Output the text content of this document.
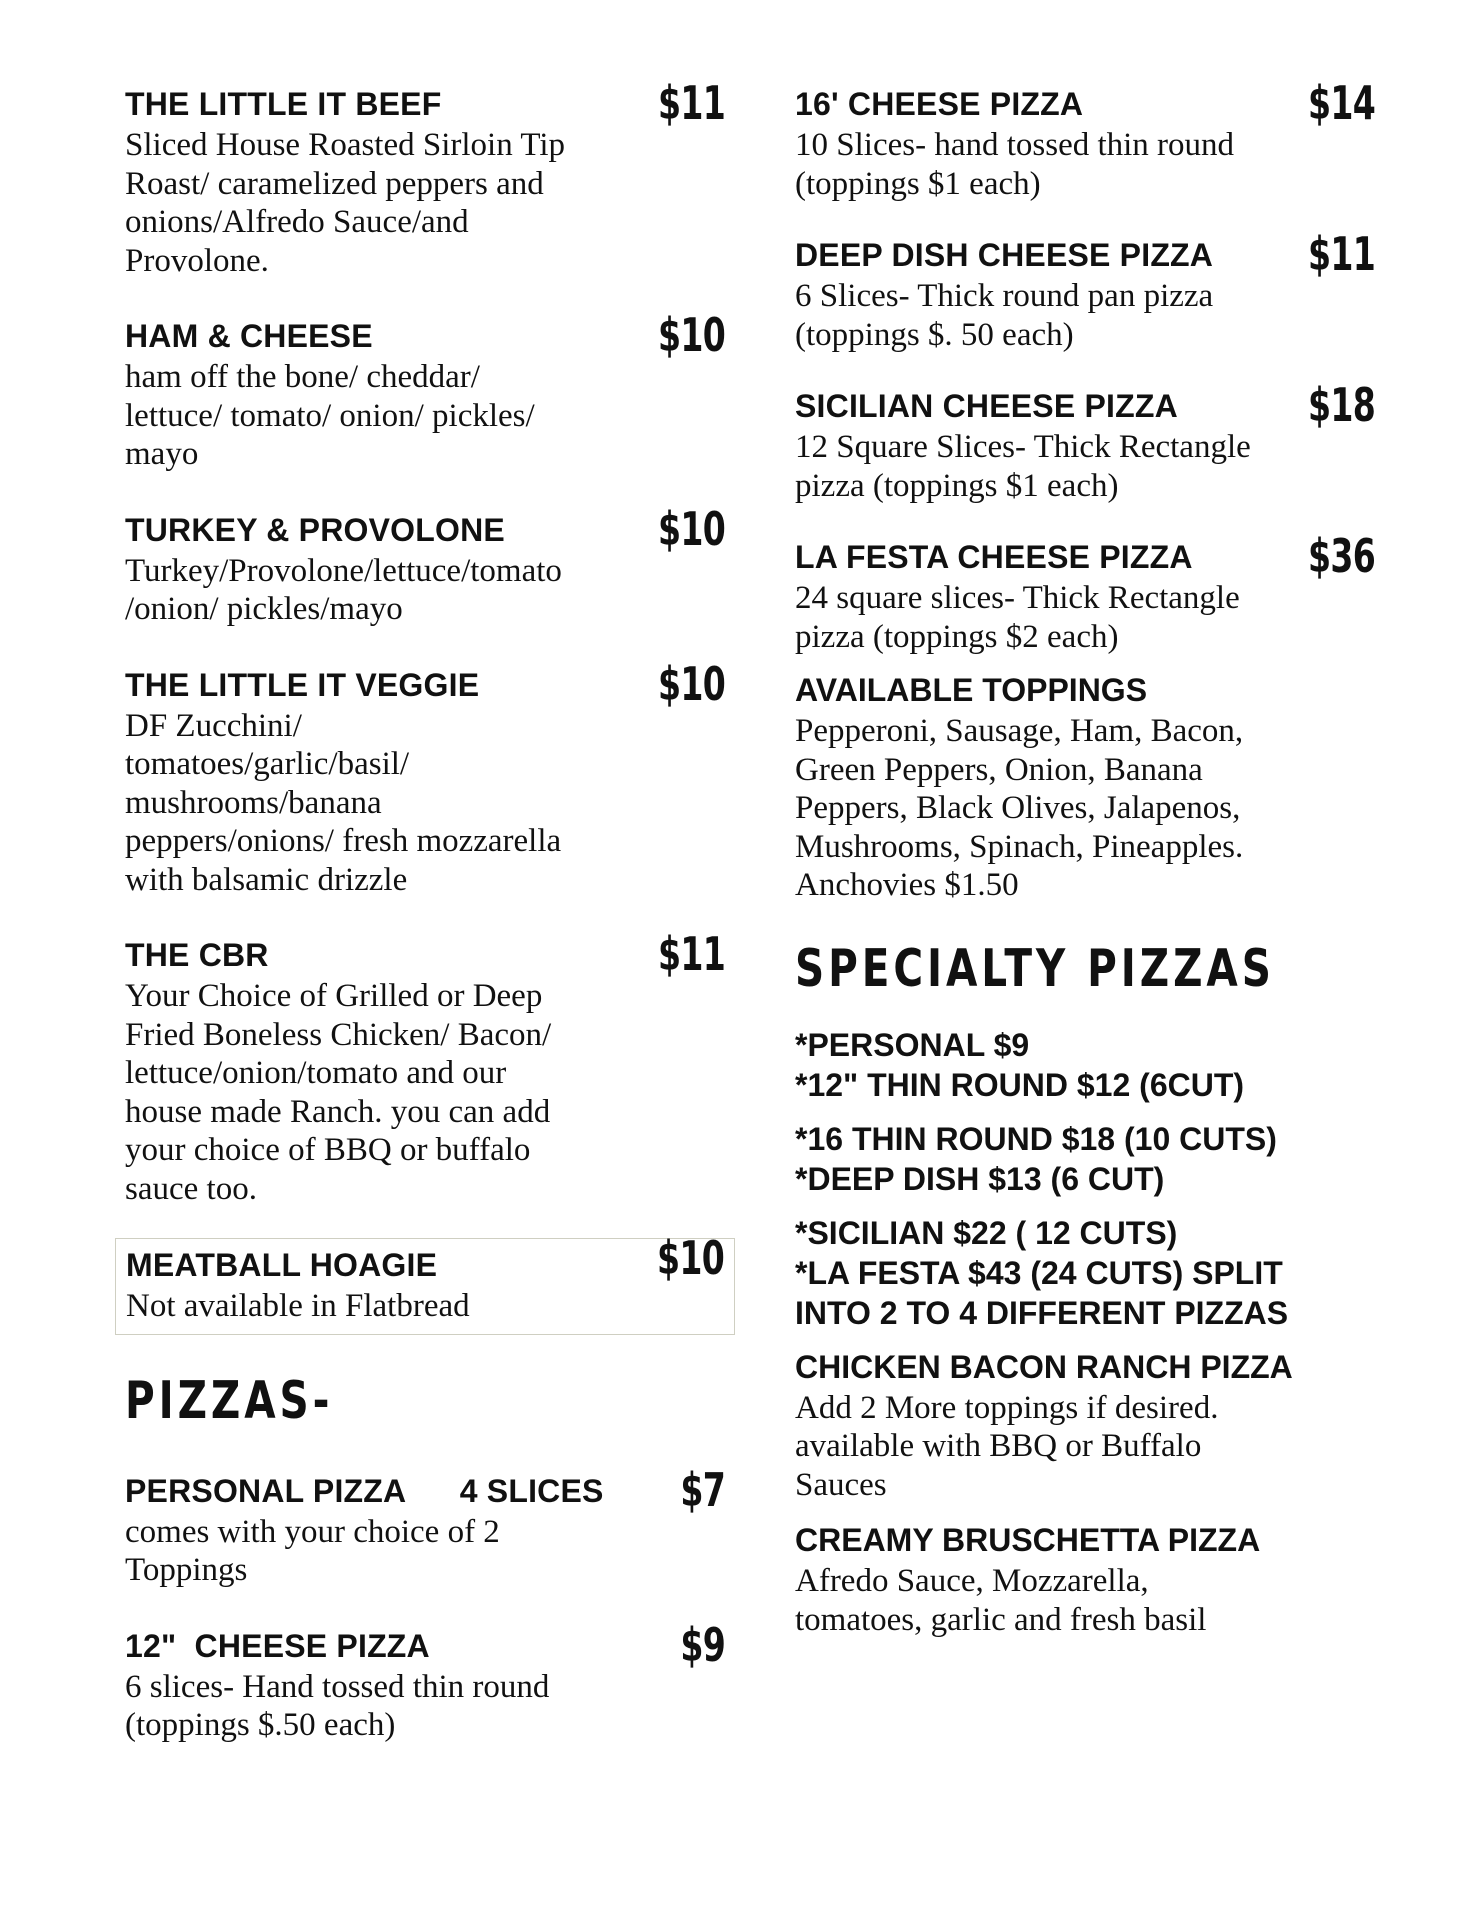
THE LITTLE IT BEEF	$11
Sliced House Roasted Sirloin Tip
Roast/ caramelized peppers and
onions/Alfredo Sauce/and
Provolone.
HAM & CHEESE	$10
ham off the bone/ cheddar/
lettuce/ tomato/ onion/ pickles/
mayo
TURKEY & PROVOLONE	$10
Turkey/Provolone/lettuce/tomato
/onion/ pickles/mayo
THE LITTLE IT VEGGIE	$10
DF Zucchini/
tomatoes/garlic/basil/
mushrooms/banana
peppers/onions/ fresh mozzarella
with balsamic drizzle
THE CBR	$11
Your Choice of Grilled or Deep
Fried Boneless Chicken/ Bacon/
lettuce/onion/tomato and our
house made Ranch. you can add
your choice of BBQ or buffalo
sauce too.
MEATBALL HOAGIE	$10
Not available in Flatbread
PIZZAS-
PERSONAL PIZZA      4 SLICES	$7
comes with your choice of 2
Toppings
12"  CHEESE PIZZA	$9
6 slices- Hand tossed thin round
(toppings $.50 each)
16' CHEESE PIZZA	$14
10 Slices- hand tossed thin round
(toppings $1 each)
DEEP DISH CHEESE PIZZA	$11
6 Slices- Thick round pan pizza
(toppings $. 50 each)
SICILIAN CHEESE PIZZA	$18
12 Square Slices- Thick Rectangle
pizza (toppings $1 each)
LA FESTA CHEESE PIZZA	$36
24 square slices- Thick Rectangle
pizza (toppings $2 each)
AVAILABLE TOPPINGS
Pepperoni, Sausage, Ham, Bacon,
Green Peppers, Onion, Banana
Peppers, Black Olives, Jalapenos,
Mushrooms, Spinach, Pineapples.
Anchovies $1.50
SPECIALTY PIZZAS
*PERSONAL $9
*12" THIN ROUND $12 (6CUT)
*16 THIN ROUND $18 (10 CUTS)
*DEEP DISH $13 (6 CUT)
*SICILIAN $22 ( 12 CUTS)
*LA FESTA $43 (24 CUTS) SPLIT
INTO 2 TO 4 DIFFERENT PIZZAS
CHICKEN BACON RANCH PIZZA
Add 2 More toppings if desired.
available with BBQ or Buffalo
Sauces
CREAMY BRUSCHETTA PIZZA
Afredo Sauce, Mozzarella,
tomatoes, garlic and fresh basil
